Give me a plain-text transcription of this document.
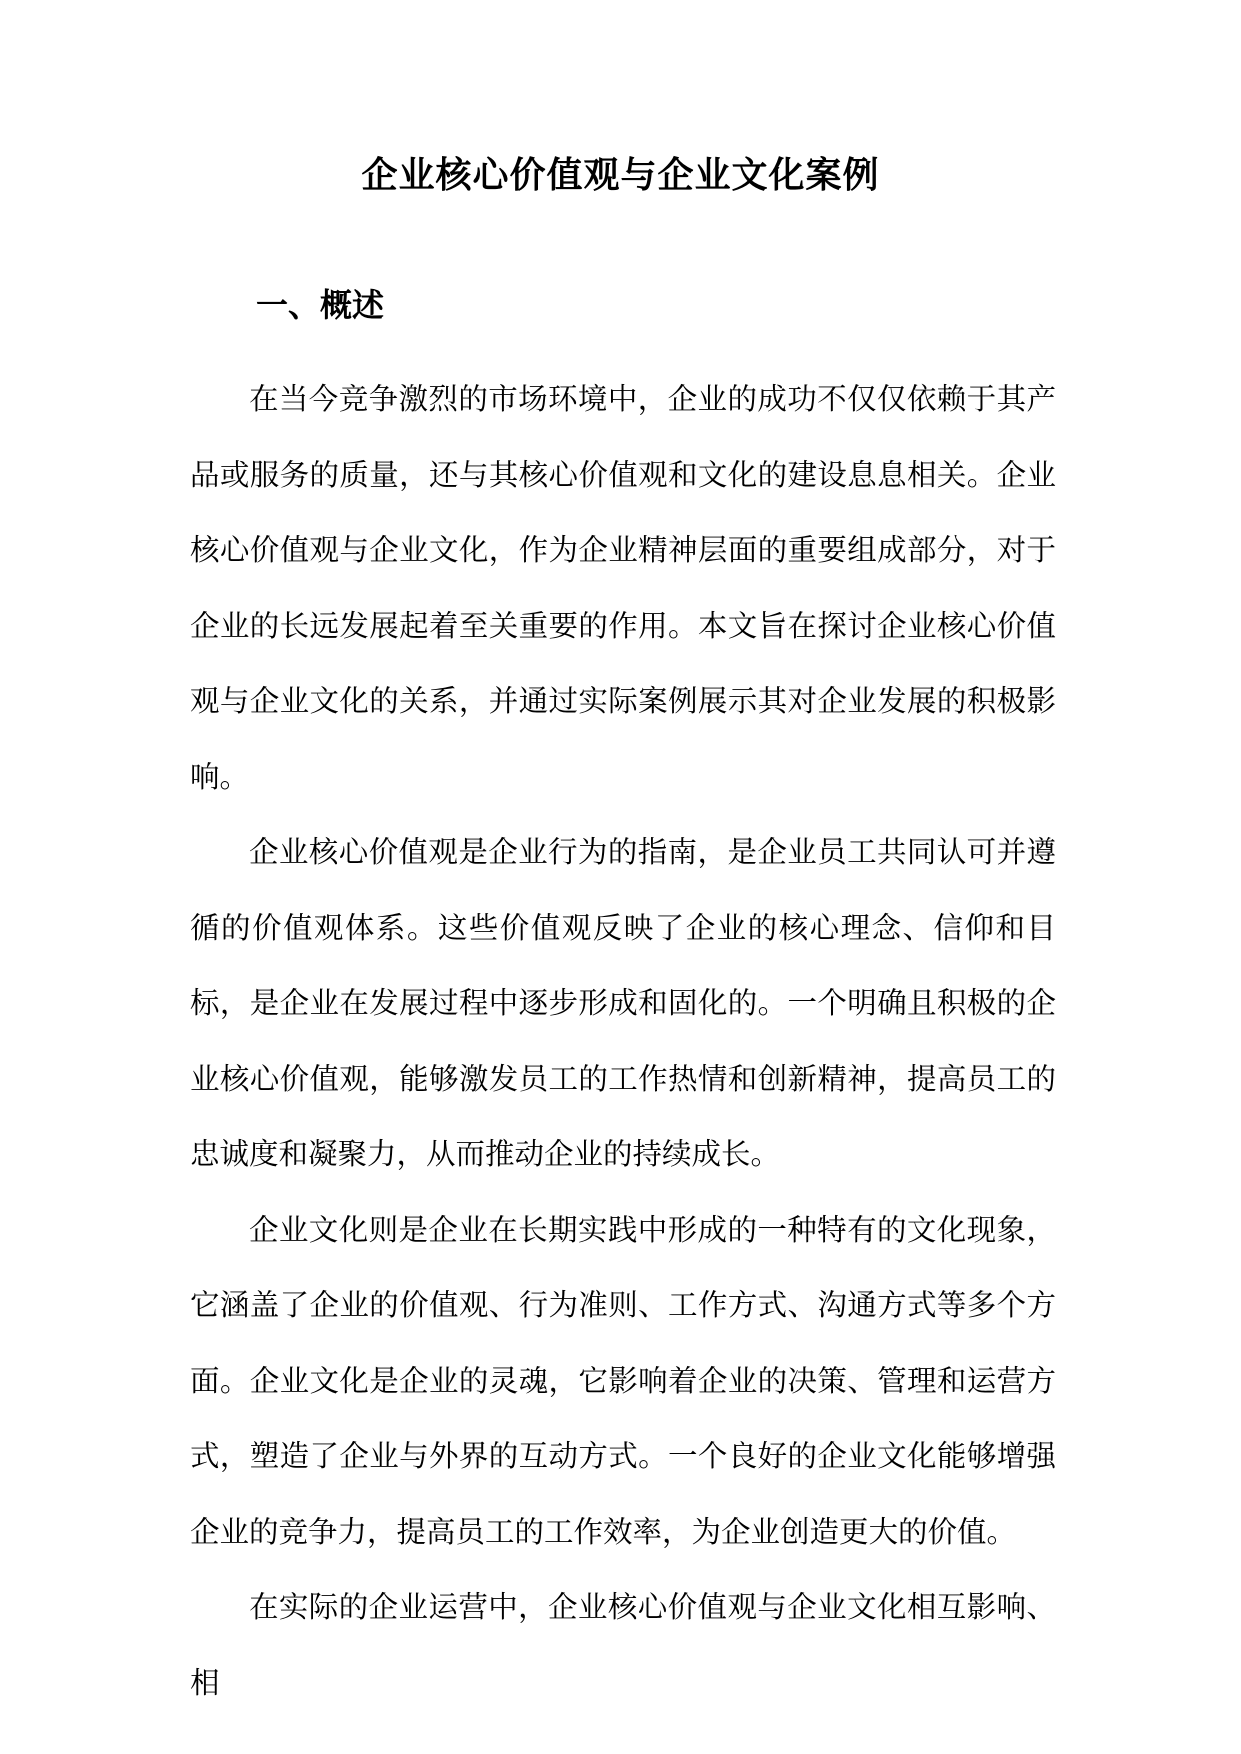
企业核心价值观与企业文化案例
一、概述

在当今竞争激烈的市场环境中，企业的成功不仅仅依赖于其产品或服务的质量，还与其核心价值观和文化的建设息息相关。企业核心价值观与企业文化，作为企业精神层面的重要组成部分，对于企业的长远发展起着至关重要的作用。本文旨在探讨企业核心价值观与企业文化的关系，并通过实际案例展示其对企业发展的积极影响。

企业核心价值观是企业行为的指南，是企业员工共同认可并遵循的价值观体系。这些价值观反映了企业的核心理念、信仰和目标，是企业在发展过程中逐步形成和固化的。一个明确且积极的企业核心价值观，能够激发员工的工作热情和创新精神，提高员工的忠诚度和凝聚力，从而推动企业的持续成长。

企业文化则是企业在长期实践中形成的一种特有的文化现象，它涵盖了企业的价值观、行为准则、工作方式、沟通方式等多个方面。企业文化是企业的灵魂，它影响着企业的决策、管理和运营方式，塑造了企业与外界的互动方式。一个良好的企业文化能够增强企业的竞争力，提高员工的工作效率，为企业创造更大的价值。

在实际的企业运营中，企业核心价值观与企业文化相互影响、相
